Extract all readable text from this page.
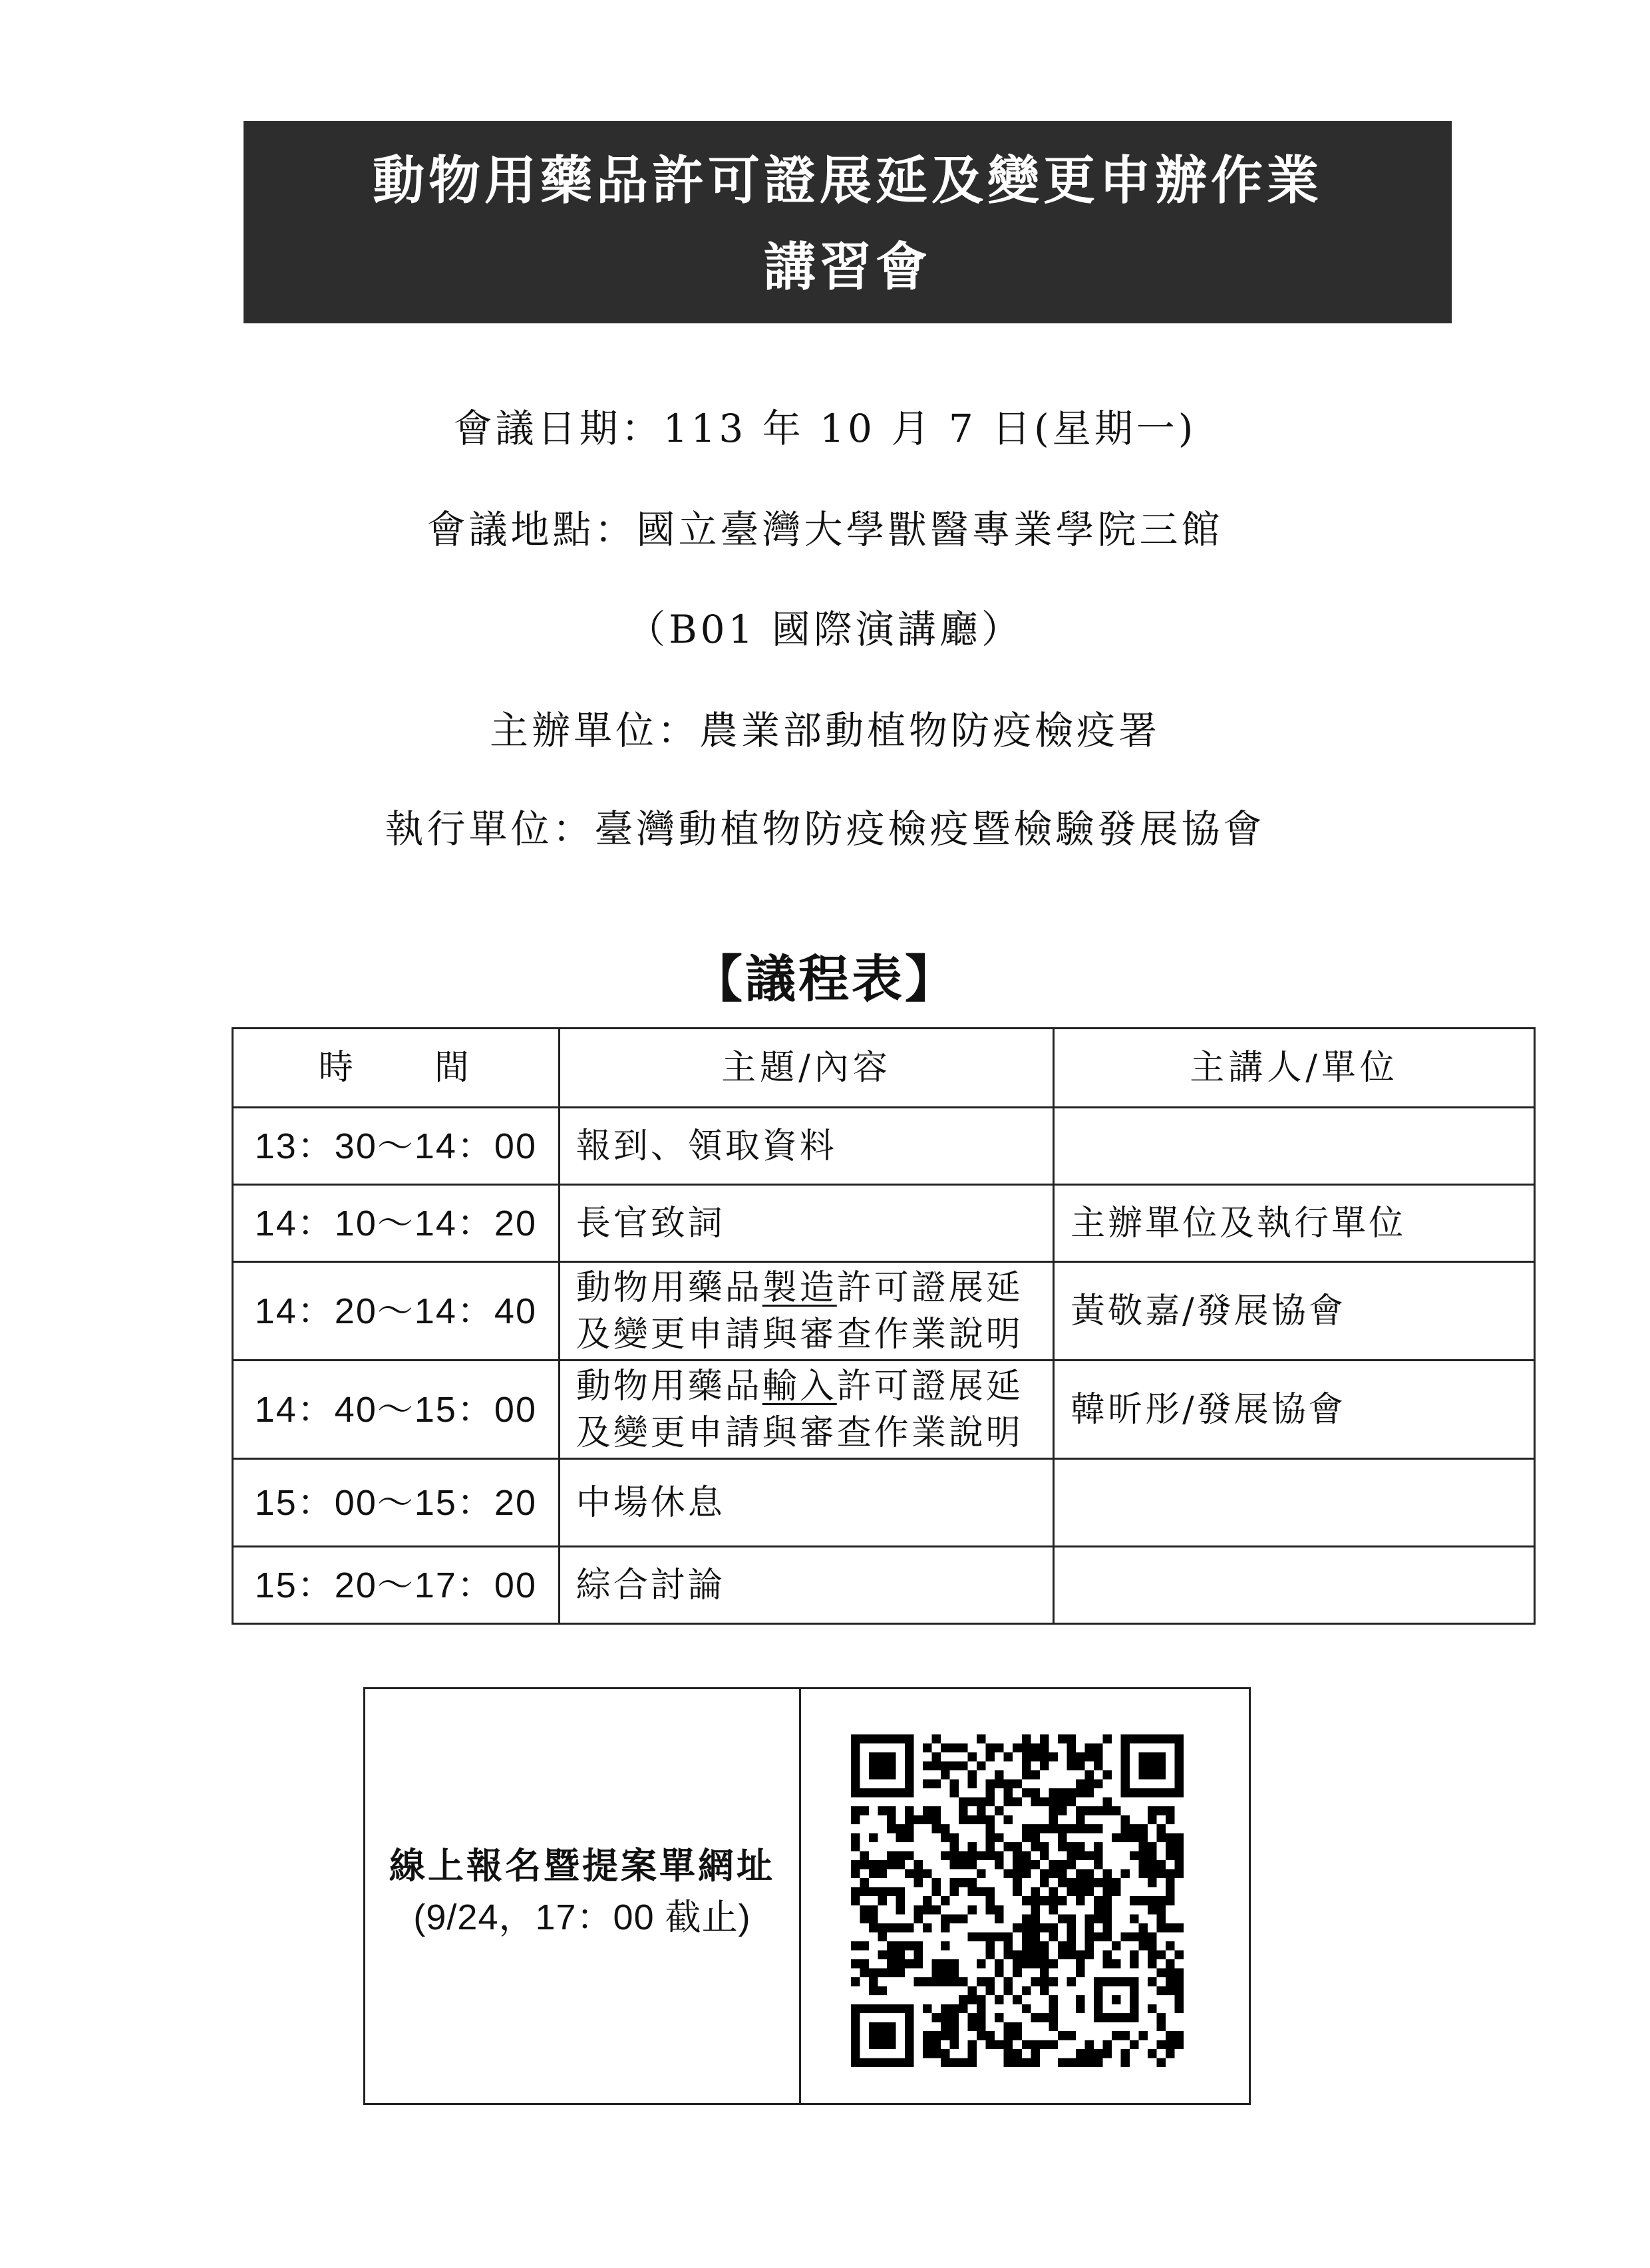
動物用藥品許可證展延及變更申辦作業
講習會
會議日期：113 年 10 月 7 日(星期一)
會議地點：國立臺灣大學獸醫專業學院三館
（B01 國際演講廳）
主辦單位：農業部動植物防疫檢疫署
執行單位：臺灣動植物防疫檢疫暨檢驗發展協會
【議程表】
時　　間	主題/內容	主講人/單位
13：30～14：00	報到、領取資料	
14：10～14：20	長官致詞	主辦單位及執行單位
14：20～14：40	動物用藥品製造許可證展延及變更申請與審查作業說明	黃敬嘉/發展協會
14：40～15：00	動物用藥品輸入許可證展延及變更申請與審查作業說明	韓昕彤/發展協會
15：00～15：20	中場休息	
15：20～17：00	綜合討論	
線上報名暨提案單網址
(9/24，17：00 截止)
